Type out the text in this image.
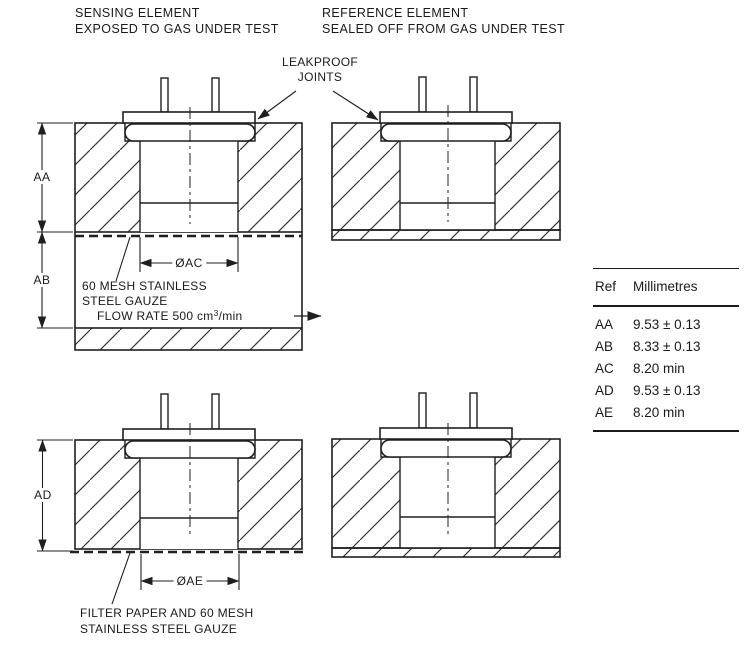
SENSING ELEMENT
EXPOSED TO GAS UNDER TEST
REFERENCE ELEMENT
SEALED OFF FROM GAS UNDER TEST
LEAKPROOF
JOINTS
60 MESH STAINLESS
STEEL GAUZE
FLOW RATE 500 $cm^3/\min$
FILTER PAPER AND 60 MESH
STAINLESS STEEL GAUZE
AA
AB
AD
ØAC
ØAE
Ref	Millimetres
AA	9.53 ± 0.13
AB	8.33 ± 0.13
AC	8.20 min
AD	9.53 ± 0.13
AE	8.20 min
